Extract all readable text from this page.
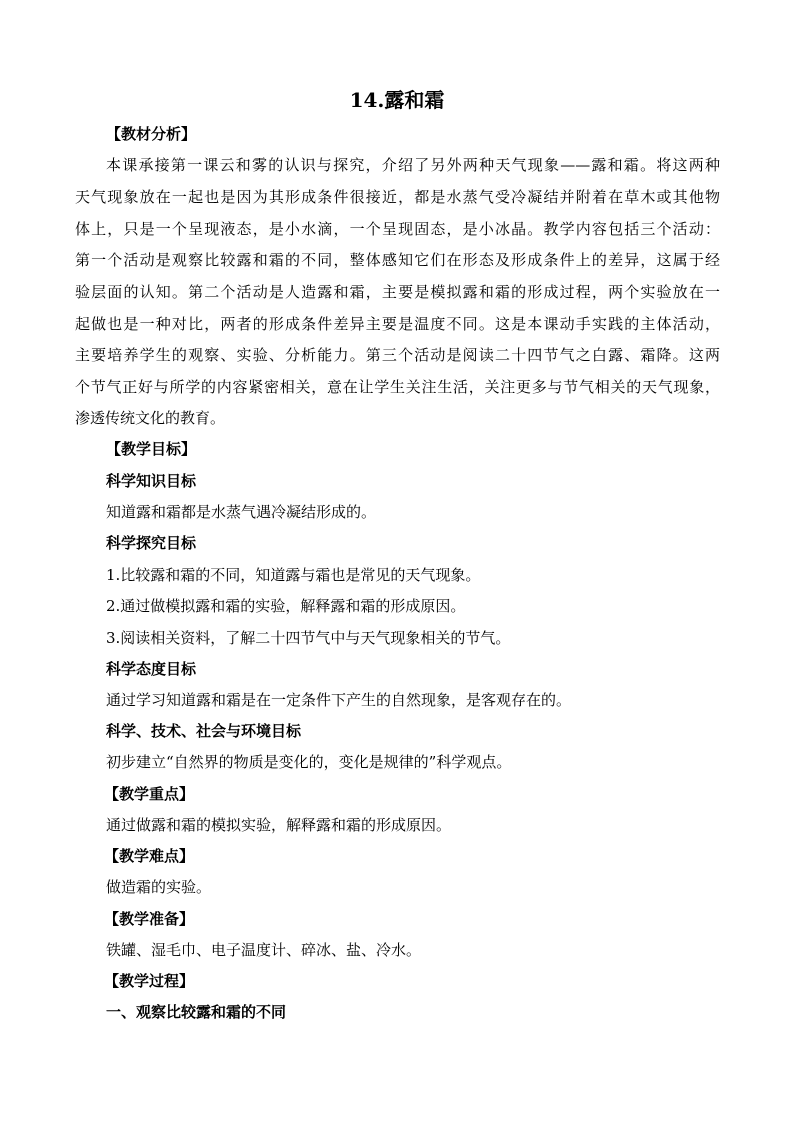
14.露和霜
【教材分析】
本课承接第一课云和雾的认识与探究，介绍了另外两种天气现象——露和霜。将这两种
天气现象放在一起也是因为其形成条件很接近，都是水蒸气受冷凝结并附着在草木或其他物
体上，只是一个呈现液态，是小水滴，一个呈现固态，是小冰晶。教学内容包括三个活动：
第一个活动是观察比较露和霜的不同，整体感知它们在形态及形成条件上的差异，这属于经
验层面的认知。第二个活动是人造露和霜，主要是模拟露和霜的形成过程，两个实验放在一
起做也是一种对比，两者的形成条件差异主要是温度不同。这是本课动手实践的主体活动，
主要培养学生的观察、实验、分析能力。第三个活动是阅读二十四节气之白露、霜降。这两
个节气正好与所学的内容紧密相关，意在让学生关注生活，关注更多与节气相关的天气现象，
渗透传统文化的教育。
【教学目标】
科学知识目标
知道露和霜都是水蒸气遇冷凝结形成的。
科学探究目标
1.比较露和霜的不同，知道露与霜也是常见的天气现象。
2.通过做模拟露和霜的实验，解释露和霜的形成原因。
3.阅读相关资料，了解二十四节气中与天气现象相关的节气。
科学态度目标
通过学习知道露和霜是在一定条件下产生的自然现象，是客观存在的。
科学、技术、社会与环境目标
初步建立“自然界的物质是变化的，变化是规律的”科学观点。
【教学重点】
通过做露和霜的模拟实验，解释露和霜的形成原因。
【教学难点】
做造霜的实验。
【教学准备】
铁罐、湿毛巾、电子温度计、碎冰、盐、冷水。
【教学过程】
一、观察比较露和霜的不同
